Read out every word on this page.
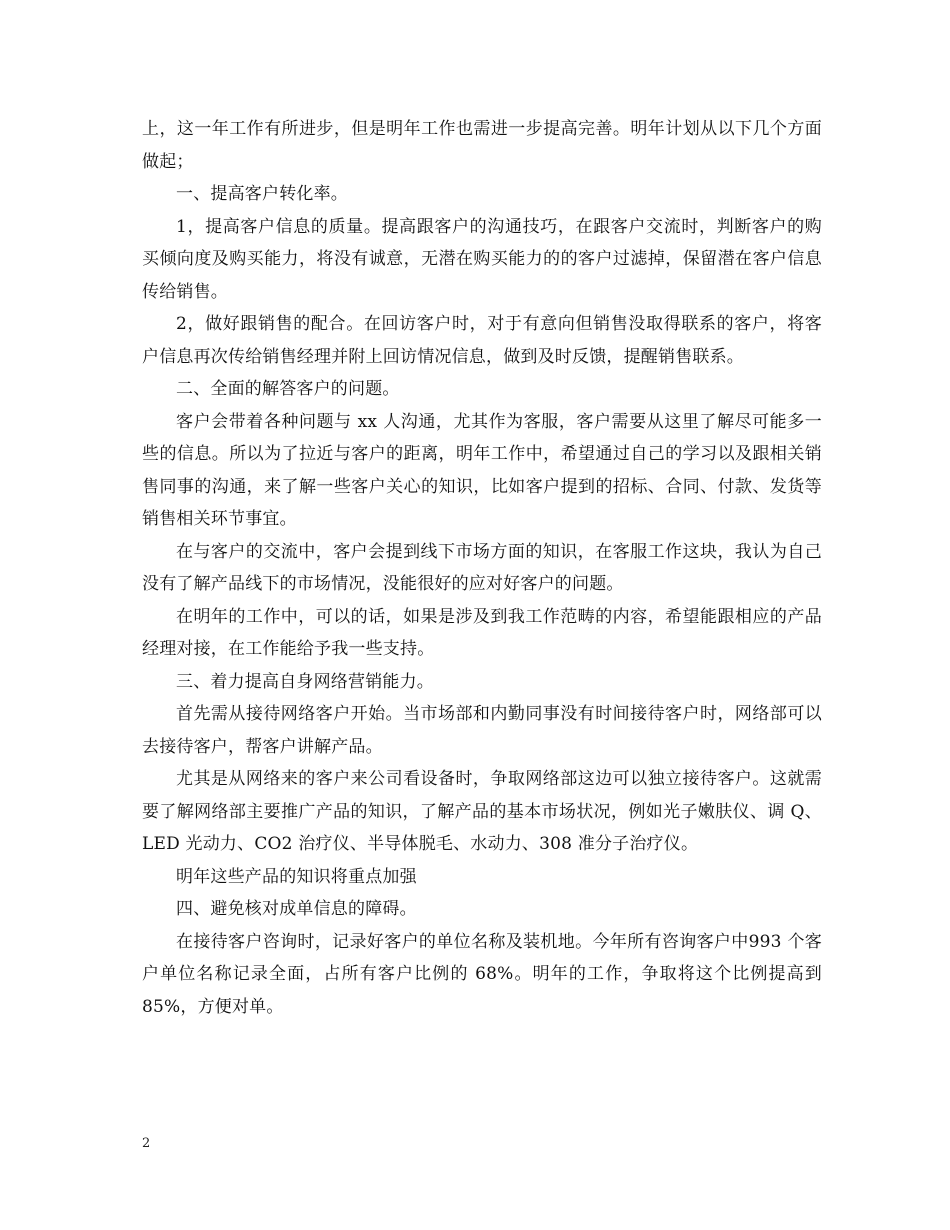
上，这一年工作有所进步，但是明年工作也需进一步提高完善。明年计划从以下几个方面做起；

一、提高客户转化率。

1，提高客户信息的质量。提高跟客户的沟通技巧，在跟客户交流时，判断客户的购买倾向度及购买能力，将没有诚意，无潜在购买能力的的客户过滤掉，保留潜在客户信息传给销售。

2，做好跟销售的配合。在回访客户时，对于有意向但销售没取得联系的客户，将客户信息再次传给销售经理并附上回访情况信息，做到及时反馈，提醒销售联系。

二、全面的解答客户的问题。

客户会带着各种问题与 xx 人沟通，尤其作为客服，客户需要从这里了解尽可能多一些的信息。所以为了拉近与客户的距离，明年工作中，希望通过自己的学习以及跟相关销售同事的沟通，来了解一些客户关心的知识，比如客户提到的招标、合同、付款、发货等销售相关环节事宜。

在与客户的交流中，客户会提到线下市场方面的知识，在客服工作这块，我认为自己没有了解产品线下的市场情况，没能很好的应对好客户的问题。

在明年的工作中，可以的话，如果是涉及到我工作范畴的内容，希望能跟相应的产品经理对接，在工作能给予我一些支持。

三、着力提高自身网络营销能力。

首先需从接待网络客户开始。当市场部和内勤同事没有时间接待客户时，网络部可以去接待客户，帮客户讲解产品。

尤其是从网络来的客户来公司看设备时，争取网络部这边可以独立接待客户。这就需要了解网络部主要推广产品的知识，了解产品的基本市场状况，例如光子嫩肤仪、调 Q、LED 光动力、CO2 治疗仪、半导体脱毛、水动力、308 准分子治疗仪。

明年这些产品的知识将重点加强

四、避免核对成单信息的障碍。

在接待客户咨询时，记录好客户的单位名称及装机地。今年所有咨询客户中993 个客户单位名称记录全面，占所有客户比例的 68%。明年的工作，争取将这个比例提高到 85%，方便对单。

2
